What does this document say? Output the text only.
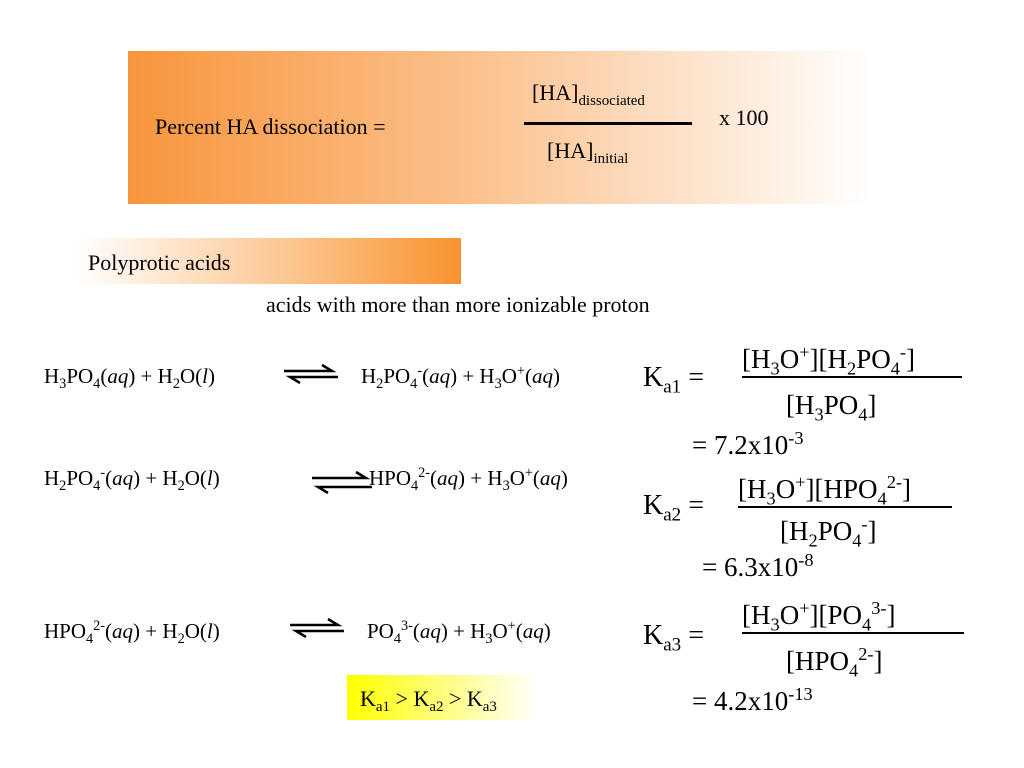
Percent HA dissociation =
$[HA]_{dissociated}$
$[HA]_{initial}$
x 100
Polyprotic acids
acids with more than more ionizable proton
$H_3PO_4(aq) + H_2O(l)$	⇌ $H_2PO_4^-(aq) + H_3O^+(aq)$	$K_{a1}$ =
$[H_3O^+][H_2PO_4^-]$
$[H_3PO_4]$
= $7.2x10^{-3}$
$H_2PO_4^-(aq) + H_2O(l)$	$HPO_4^{2-}(aq) + H_3O^+(aq)$
$K_{a2}$ =
$[H_3O^+][HPO_4^{2-}]$
$[H_2PO_4^-]$
= $6.3x10^{-8}$
$HPO_4^{2-}(aq) + H_2O(l)$	⇌ $PO_4^{3-}(aq) + H_3O^+(aq)$	$K_{a3}$ =
$[H_3O^+][PO_4^{3-}]$
$[HPO_4^{2-}]$
= $4.2x10^{-13}$
$K_{a1} > K_{a2} > K_{a3}$
